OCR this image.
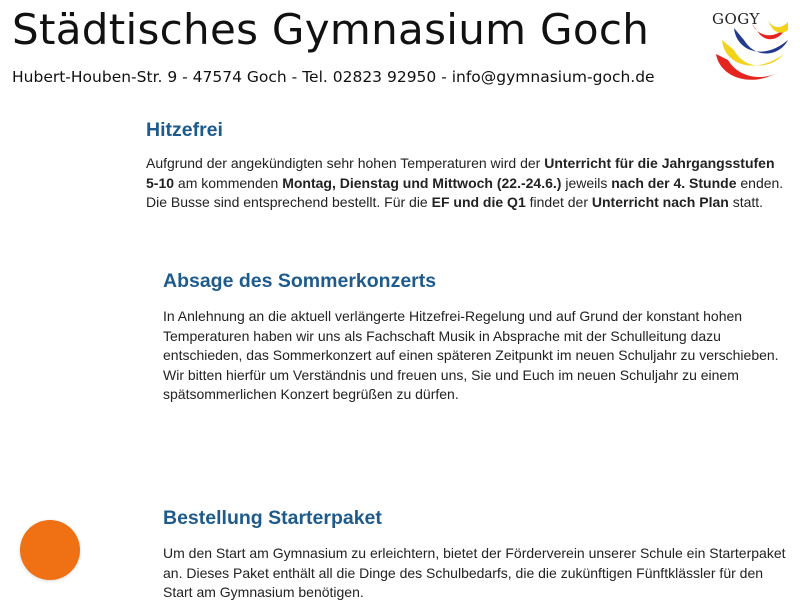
Städtisches Gymnasium Goch
Hubert-Houben-Str. 9 - 47574 Goch - Tel. 02823 92950 - info@gymnasium-goch.de
GOGY
Hitzefrei

Aufgrund der angekündigten sehr hohen Temperaturen wird der Unterricht für die Jahrgangsstufen 5-10 am kommenden Montag, Dienstag und Mittwoch (22.-24.6.) jeweils nach der 4. Stunde enden. Die Busse sind entsprechend bestellt. Für die EF und die Q1 findet der Unterricht nach Plan statt.

Absage des Sommerkonzerts

In Anlehnung an die aktuell verlängerte Hitzefrei-Regelung und auf Grund der konstant hohen Temperaturen haben wir uns als Fachschaft Musik in Absprache mit der Schulleitung dazu entschieden, das Sommerkonzert auf einen späteren Zeitpunkt im neuen Schuljahr zu verschieben. Wir bitten hierfür um Verständnis und freuen uns, Sie und Euch im neuen Schuljahr zu einem spätsommerlichen Konzert begrüßen zu dürfen.

Bestellung Starterpaket

Um den Start am Gymnasium zu erleichtern, bietet der Förderverein unserer Schule ein Starterpaket an. Dieses Paket enthält all die Dinge des Schulbedarfs, die die zukünftigen Fünftklässler für den Start am Gymnasium benötigen.
